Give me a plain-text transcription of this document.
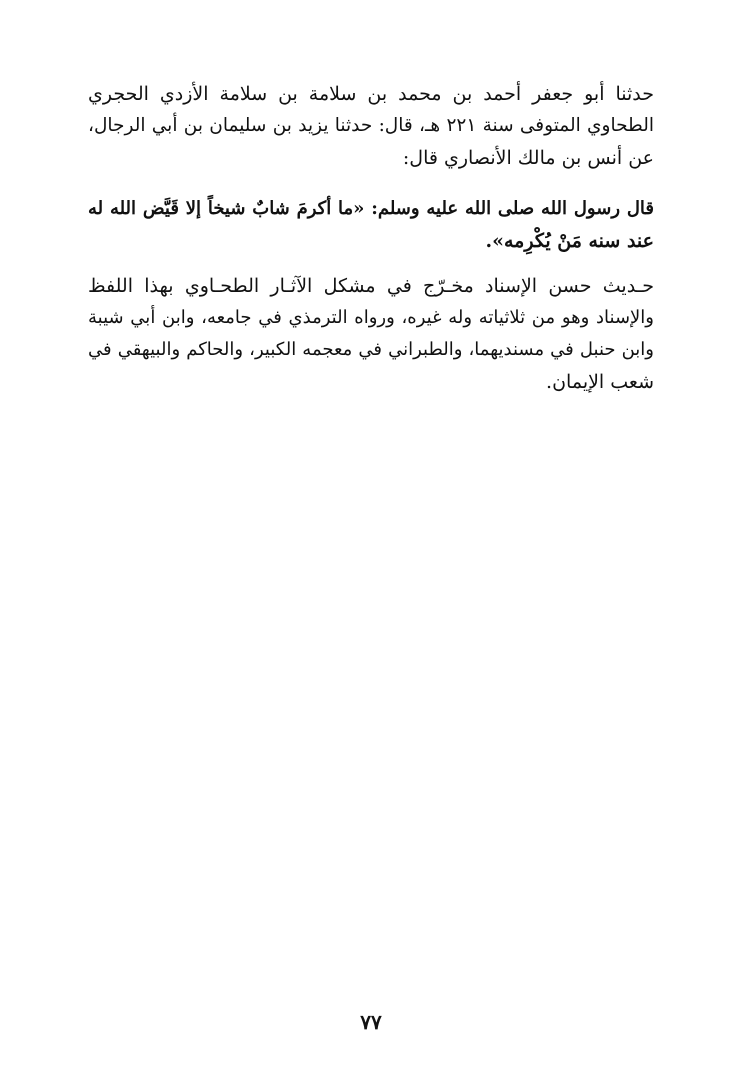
حدثنا أبو جعفر أحمد بن محمد بن سلامة بن سلامة الأزدي الحجري
الطحاوي المتوفى سنة ٢٢١ هـ، قال: حدثنا يزيد بن سليمان بن أبي الرجال،
عن أنس بن مالك الأنصاري قال:
قال رسول الله صلى الله عليه وسلم: «ما أكرمَ شابٌ شيخاً إلا قَيَّض الله له
عند سنه مَنْ يُكْرِمه».
حـديث حسن الإسناد مخـرّج في مشكل الآثـار الطحـاوي بهذا اللفظ
والإسناد وهو من ثلاثياته وله غيره، ورواه الترمذي في جامعه، وابن أبي شيبة
وابن حنبل في مسنديهما، والطبراني في معجمه الكبير، والحاكم والبيهقي في
شعب الإيمان.
٧٧
